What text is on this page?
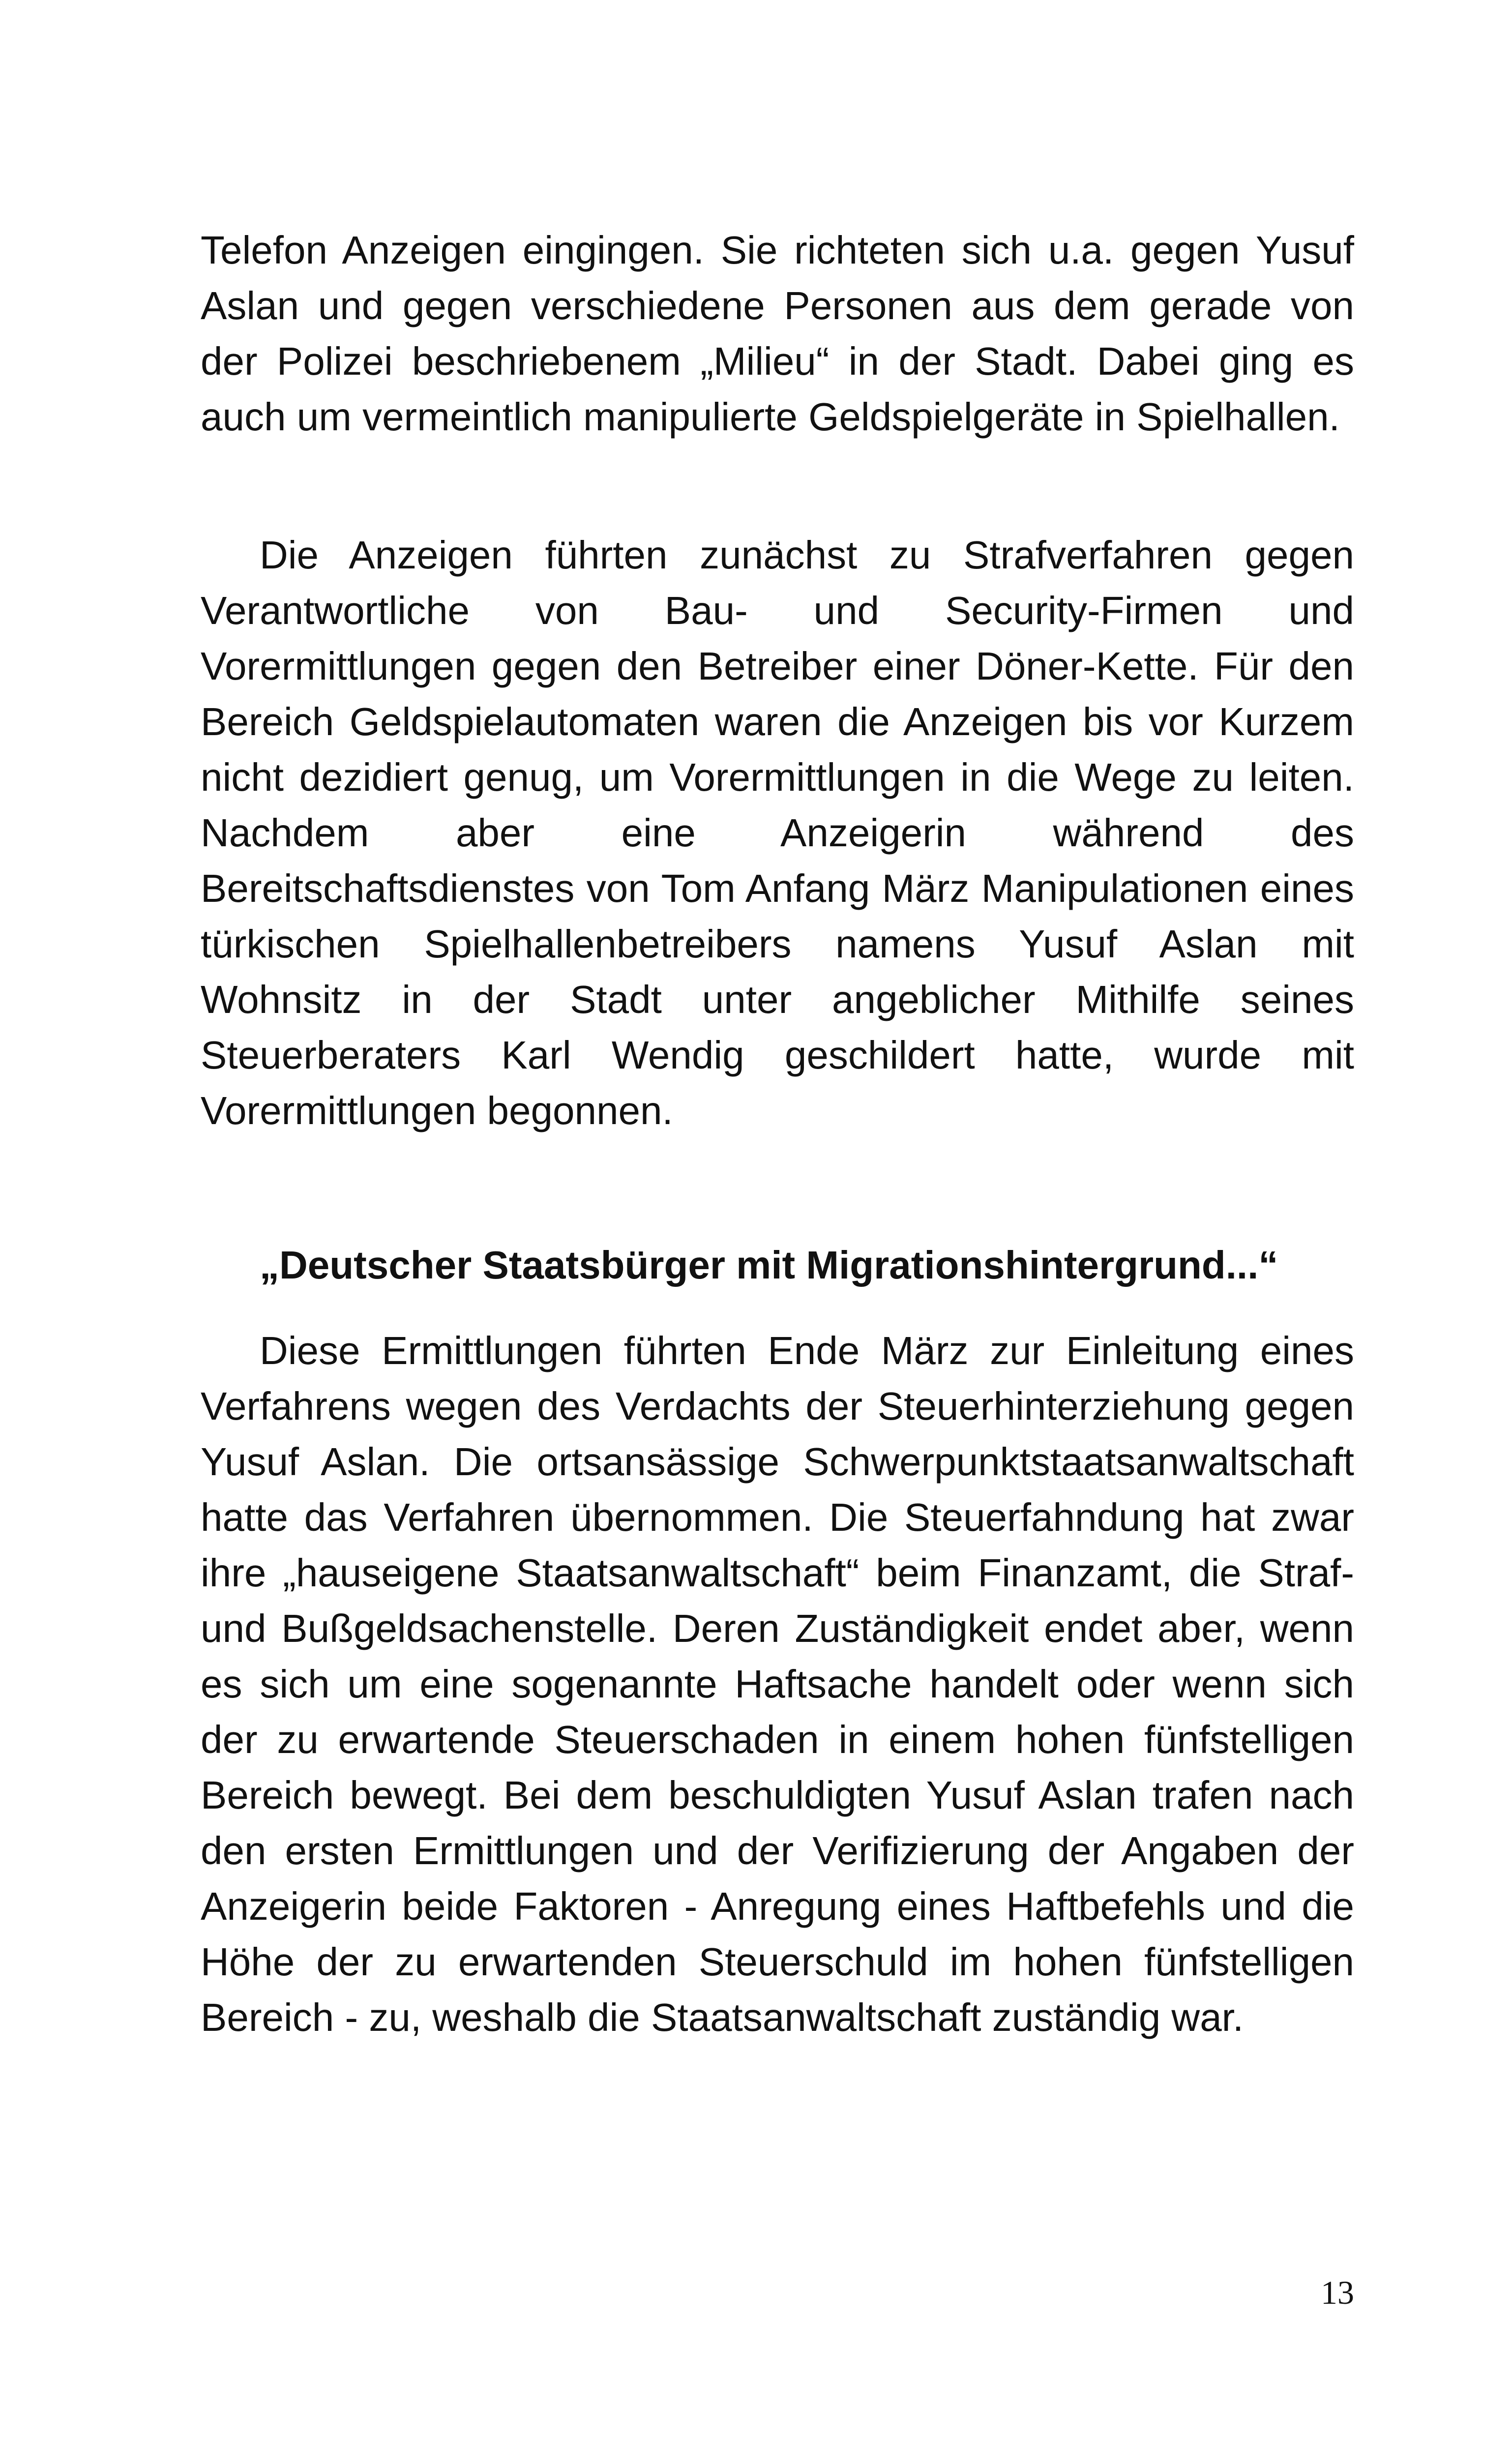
Telefon Anzeigen eingingen. Sie richteten sich u.a. gegen Yusuf Aslan und gegen verschiedene Personen aus dem gerade von der Polizei beschriebenem „Milieu“ in der Stadt. Dabei ging es auch um vermeintlich manipulierte Geldspielgeräte in Spielhallen.

Die Anzeigen führten zunächst zu Strafverfahren gegen Verantwortliche von Bau- und Security-Firmen und Vorermittlungen gegen den Betreiber einer Döner-Kette. Für den Bereich Geldspielautomaten waren die Anzeigen bis vor Kurzem nicht dezidiert genug, um Vorermittlungen in die Wege zu leiten. Nachdem aber eine Anzeigerin während des Bereitschaftsdienstes von Tom Anfang März Manipulationen eines türkischen Spielhallenbetreibers namens Yusuf Aslan mit Wohnsitz in der Stadt unter angeblicher Mithilfe seines Steuerberaters Karl Wendig geschildert hatte, wurde mit Vorermittlungen begonnen.

„Deutscher Staatsbürger mit Migrationshintergrund...“

Diese Ermittlungen führten Ende März zur Einleitung eines Verfahrens wegen des Verdachts der Steuerhinterziehung gegen Yusuf Aslan. Die ortsansässige Schwerpunktstaatsanwaltschaft hatte das Verfahren übernommen. Die Steuerfahndung hat zwar ihre „hauseigene Staatsanwaltschaft“ beim Finanzamt, die Straf- und Bußgeldsachenstelle. Deren Zuständigkeit endet aber, wenn es sich um eine sogenannte Haftsache handelt oder wenn sich der zu erwartende Steuerschaden in einem hohen fünfstelligen Bereich bewegt. Bei dem beschuldigten Yusuf Aslan trafen nach den ersten Ermittlungen und der Verifizierung der Angaben der Anzeigerin beide Faktoren - Anregung eines Haftbefehls und die Höhe der zu erwartenden Steuerschuld im hohen fünfstelligen Bereich - zu, weshalb die Staatsanwaltschaft zuständig war.

13
